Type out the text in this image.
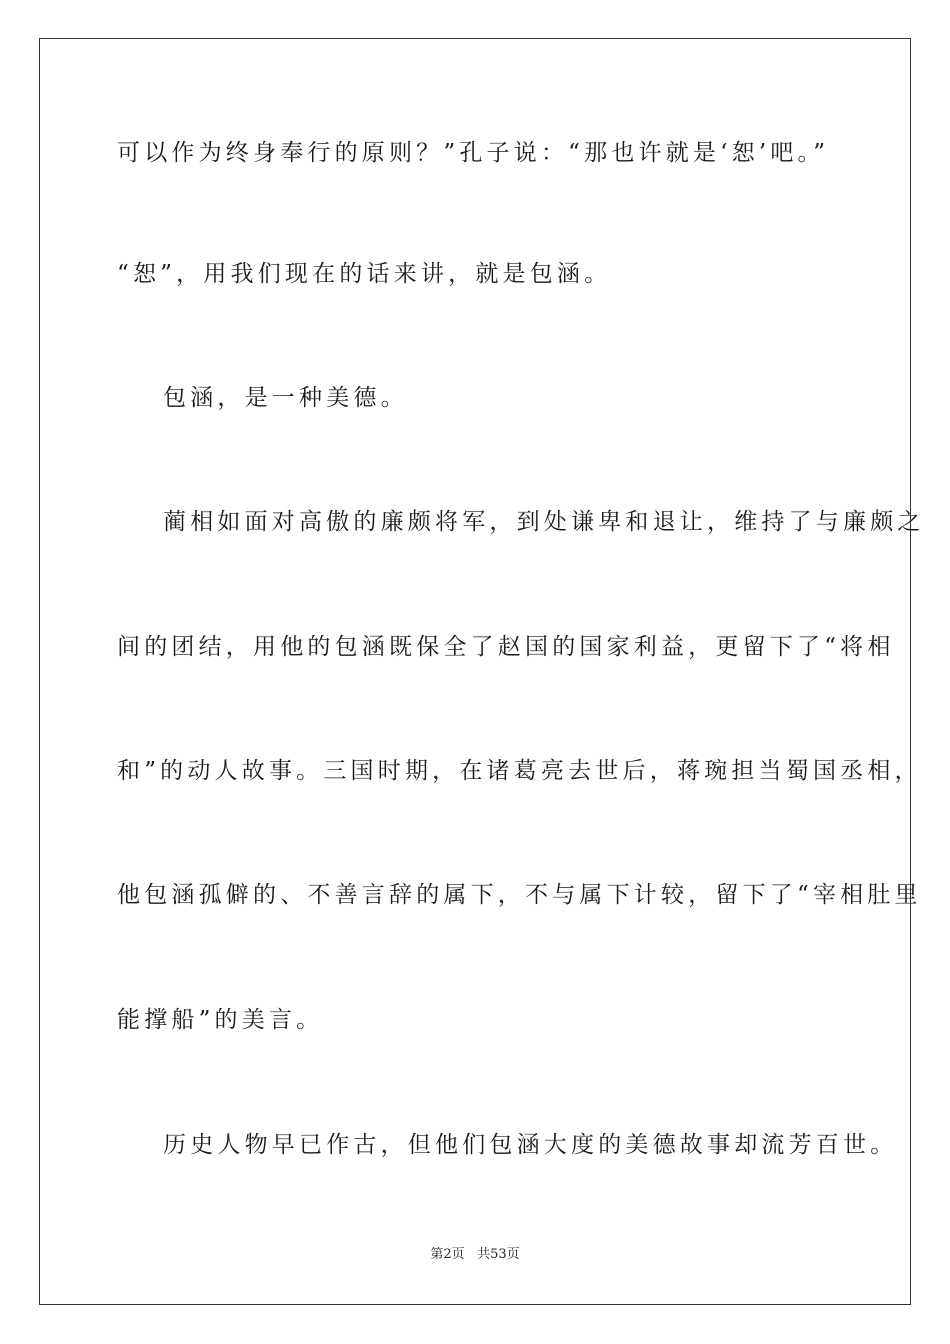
可以作为终身奉行的原则？”孔子说：“那也许就是‘恕’吧。”
“恕”，用我们现在的话来讲，就是包涵。
包涵，是一种美德。
蔺相如面对高傲的廉颇将军，到处谦卑和退让，维持了与廉颇之
间的团结，用他的包涵既保全了赵国的国家利益，更留下了“将相
和”的动人故事。三国时期，在诸葛亮去世后，蒋琬担当蜀国丞相，
他包涵孤僻的、不善言辞的属下，不与属下计较，留下了“宰相肚里
能撑船”的美言。
历史人物早已作古，但他们包涵大度的美德故事却流芳百世。
第2页 共53页
